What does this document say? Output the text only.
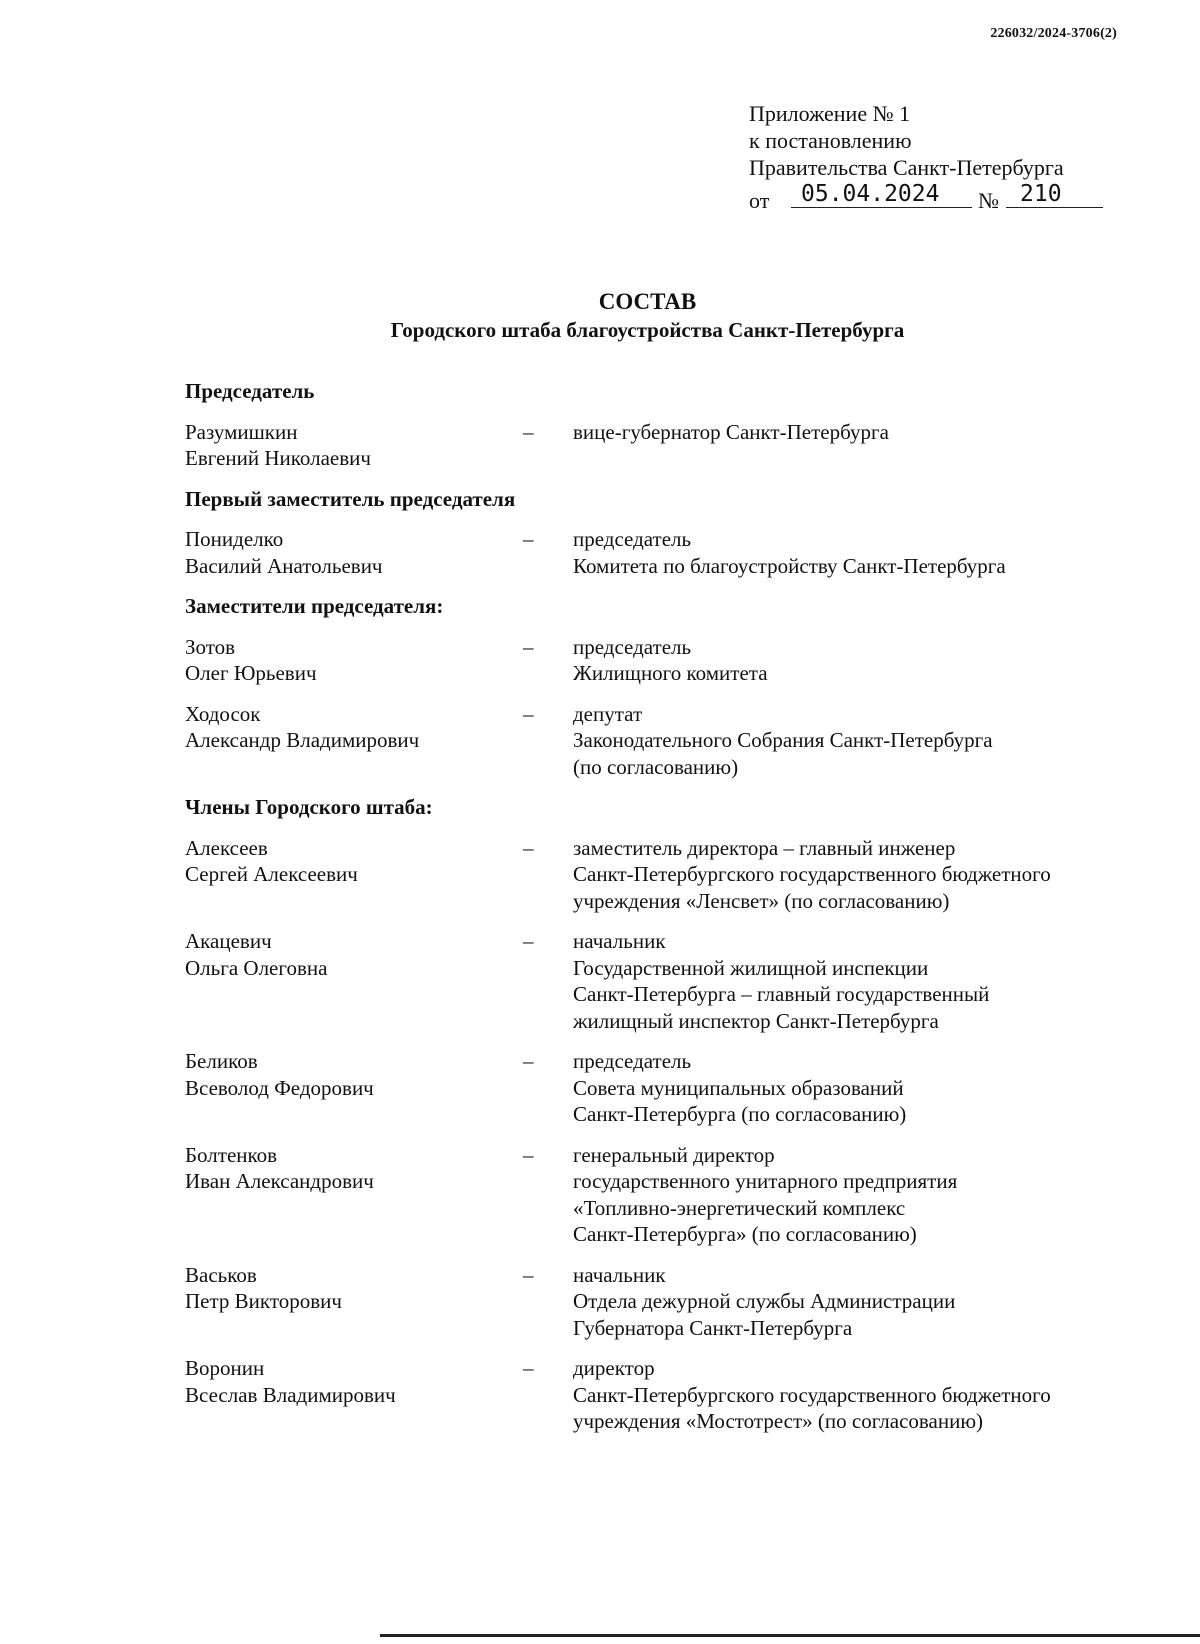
226032/2024-3706(2)
Приложение № 1
к постановлению
Правительства Санкт-Петербурга
от	05.04.2024	№ 210
СОСТАВ
Городского штаба благоустройства Санкт-Петербурга
Председатель
Разумишкин
Евгений Николаевич
–	вице-губернатор Санкт-Петербурга
Первый заместитель председателя
Пониделко
Василий Анатольевич
–	председатель
Комитета по благоустройству Санкт-Петербурга
Заместители председателя:
Зотов
Олег Юрьевич
–	председатель
Жилищного комитета
Ходосок
Александр Владимирович
–	депутат
Законодательного Собрания Санкт-Петербурга
(по согласованию)
Члены Городского штаба:
Алексеев
Сергей Алексеевич
–	заместитель директора – главный инженер
Санкт-Петербургского государственного бюджетного
учреждения «Ленсвет» (по согласованию)
Акацевич
Ольга Олеговна
–	начальник
Государственной жилищной инспекции
Санкт-Петербурга – главный государственный
жилищный инспектор Санкт-Петербурга
Беликов
Всеволод Федорович
–	председатель
Совета муниципальных образований
Санкт-Петербурга (по согласованию)
Болтенков
Иван Александрович
–	генеральный директор
государственного унитарного предприятия
«Топливно-энергетический комплекс
Санкт-Петербурга» (по согласованию)
Васьков
Петр Викторович
–	начальник
Отдела дежурной службы Администрации
Губернатора Санкт-Петербурга
Воронин
Всеслав Владимирович
–	директор
Санкт-Петербургского государственного бюджетного
учреждения «Мостотрест» (по согласованию)
